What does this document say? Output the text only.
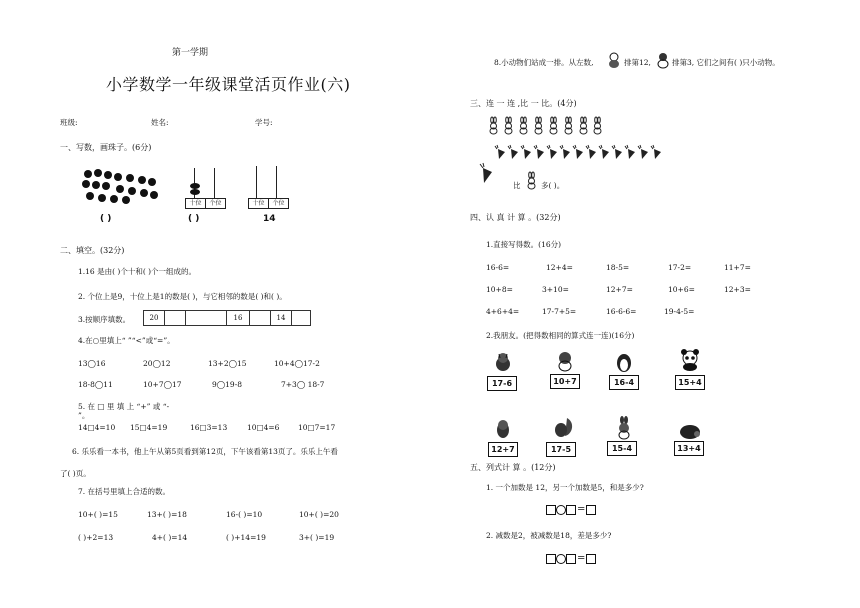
第一学期
小学数学一年级课堂活页作业(六)
班级:	姓名:	学号:
一、写数，画珠子。(6分)
( )
十位	个位
( )
十位	个位
14
二、填空。(32分)
1.16 是由( )个十和( )个一组成的。
2. 个位上是9，十位上是1的数是( )，与它相邻的数是( )和( )。
3.按顺序填数。	20	16	14
4.在○里填上“ ”“<”或“=”。
13◯16	20◯12	13+2◯15	10+4◯17-2
18-8◯11	10+7◯17	9◯19-8	7+3◯ 18-7
5. 在 □ 里 填 上 “+” 或 “-
”。
14□4=10 15□4=19	16□3=13	10□4=6 10□7=17
6. 乐乐看一本书，他上午从第5页看到第12页，下午该看第13页了。乐乐上午看
了( )页。
7. 在括号里填上合适的数。
10+( )=15	13+( )=18	16-( )=10	10+( )=20
( )+2=13	4+( )=14	( )+14=19	3+( )=19
8.小动物们站成一排。从左数,	排第12,	排第3, 它们之间有( )只小动物。
三、连 一 连 ,比 一 比。(4分)
比	多( )。
四、认 真 计 算 。(32分)
1.直接写得数。(16分)
16-6=	12+4=	18-5=	17-2=	11+7=
10+8=	3+10=	12+7=	10+6=	12+3=
4+6+4=	17-7+5=	16-6-6=	19-4-5=
2.我朋友。(把得数相同的算式连一连)(16分)
17-6	10+7	16-4	15+4
12+7	17-5	15-4	13+4
五、列式计 算 。(12分)
1. 一个加数是 12，另一个加数是5，和是多少?
=
2. 减数是2，被减数是18，差是多少?
=
